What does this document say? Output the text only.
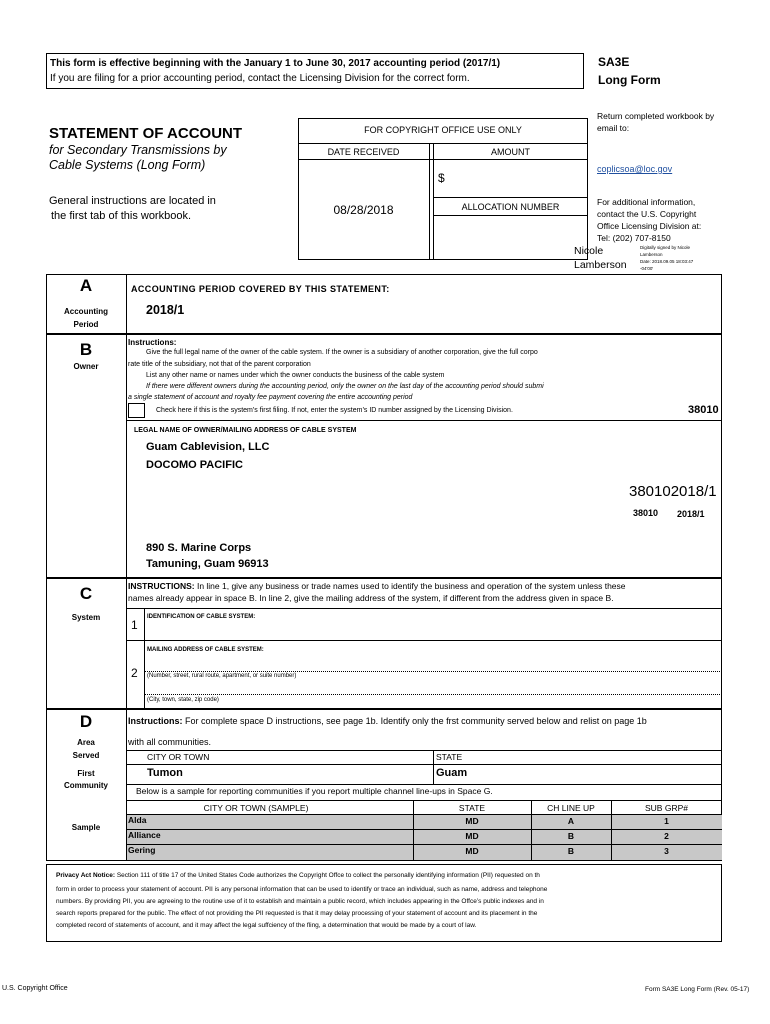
This form is effective beginning with the January 1 to June 30, 2017 accounting period (2017/1)
If you are filing for a prior accounting period, contact the Licensing Division for the correct form.
SA3E
Long Form
STATEMENT OF ACCOUNT
for Secondary Transmissions by
Cable Systems (Long Form)
General instructions are located in
the first tab of this workbook.
FOR COPYRIGHT OFFICE USE ONLY
DATE RECEIVED	AMOUNT
$
ALLOCATION NUMBER
08/28/2018
Return completed workbook by
email to:
coplicsoa@loc.gov
For additional information,
contact the U.S. Copyright
Office Licensing Division at:
Tel: (202) 707-8150
Nicole
Lamberson
Digitally signed by Nicole
Lamberson
Date: 2018.09.05 18:03:47
-04'00'
A
Accounting
Period
ACCOUNTING PERIOD COVERED BY THIS STATEMENT:
2018/1
B
Owner
Instructions:
Give the full legal name of the owner of the cable system. If the owner is a subsidiary of another corporation, give the full corpo
rate title of the subsidiary, not that of the parent corporation
List any other name or names under which the owner conducts the business of the cable system
If there were different owners during the accounting period, only the owner on the last day of the accounting period should submi
a single statement of account and royalty fee payment covering the entire accounting period
Check here if this is the system’s first filing. If not, enter the system’s ID number assigned by the Licensing Division.	38010
LEGAL NAME OF OWNER/MAILING ADDRESS OF CABLE SYSTEM
Guam Cablevision, LLC
DOCOMO PACIFIC
380102018/1
38010 2018/1
890 S. Marine Corps
Tamuning, Guam 96913
C
System
INSTRUCTIONS: In line 1, give any business or trade names used to identify the business and operation of the system unless these
names already appear in space B. In line 2, give the mailing address of the system, if different from the address given in space B.
1
IDENTIFICATION OF CABLE SYSTEM:
MAILING ADDRESS OF CABLE SYSTEM:
2 (Number, street, rural route, apartment, or suite number)
(City, town, state, zip code)
D
Area
Served
First
Community
Sample
Instructions: For complete space D instructions, see page 1b. Identify only the frst community served below and relist on page 1b
with all communities.
CITY OR TOWN	STATE
Tumon	Guam
Below is a sample for reporting communities if you report multiple channel line-ups in Space G.
CITY OR TOWN (SAMPLE)	STATE	CH LINE UP	SUB GRP#
Alda	MD	A	1
Alliance	MD	B	2
Gering	MD	B	3
Privacy Act Notice: Section 111 of title 17 of the United States Code authorizes the Copyright Offce to collect the personally identifying information (PII) requested on th
form in order to process your statement of account. PII is any personal information that can be used to identify or trace an individual, such as name, address and telephone
numbers. By providing PII, you are agreeing to the routine use of it to establish and maintain a public record, which includes appearing in the Offce’s public indexes and in
search reports prepared for the public. The effect of not providing the PII requested is that it may delay processing of your statement of account and its placement in the
completed record of statements of account, and it may affect the legal suffciency of the fling, a determination that would be made by a court of law.
U.S. Copyright Office	Form SA3E Long Form (Rev. 05-17)
